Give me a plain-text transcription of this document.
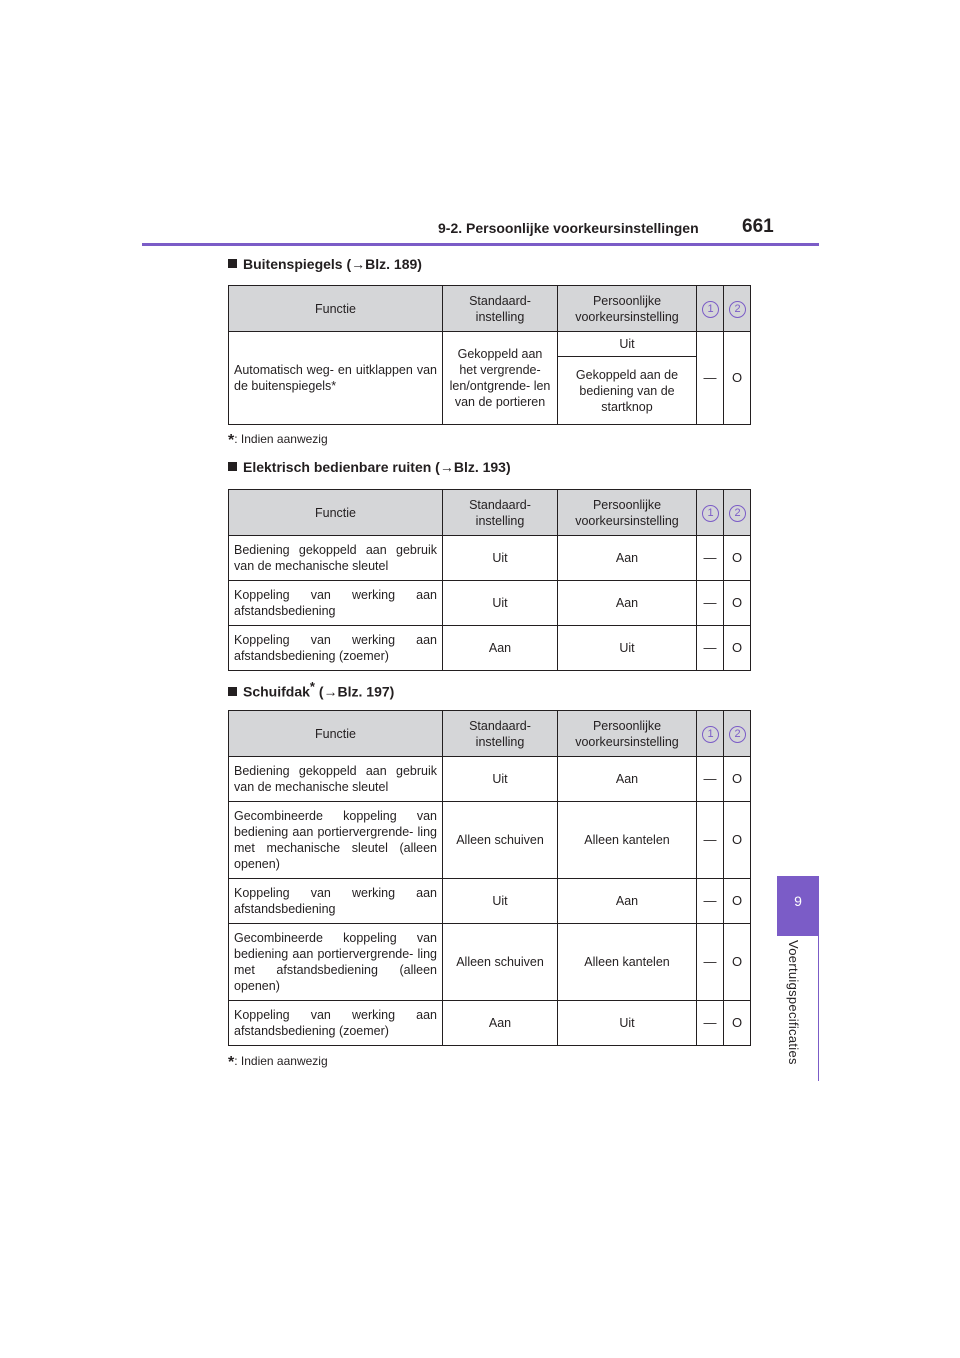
9-2. Persoonlijke voorkeursinstellingen 661
9
Voertuigspecificaties
Buitenspiegels (→Blz. 189)
Functie	Standaard-instelling	Persoonlijke voorkeursinstelling	1	2
Automatisch weg- en uitklappen van de buitenspiegels*	Gekoppeld aan het vergrende- len/ontgrende- len van de portieren	Uit	—	O
		Gekoppeld aan de bediening van de startknop		
*: Indien aanwezig
Elektrisch bedienbare ruiten (→Blz. 193)
Functie	Standaard-instelling	Persoonlijke voorkeursinstelling	1	2
Bediening gekoppeld aan gebruik van de mechanische sleutel	Uit	Aan	—	O
Koppeling van werking aan afstandsbediening	Uit	Aan	—	O
Koppeling van werking aan afstandsbediening (zoemer)	Aan	Uit	—	O
Schuifdak* (→Blz. 197)
Functie	Standaard-instelling	Persoonlijke voorkeursinstelling	1	2
Bediening gekoppeld aan gebruik van de mechanische sleutel	Uit	Aan	—	O
Gecombineerde koppeling van bediening aan portiervergrende- ling met mechanische sleutel (alleen openen)	Alleen schuiven	Alleen kantelen	—	O
Koppeling van werking aan afstandsbediening	Uit	Aan	—	O
Gecombineerde koppeling van bediening aan portiervergrende- ling met afstandsbediening (alleen openen)	Alleen schuiven	Alleen kantelen	—	O
Koppeling van werking aan afstandsbediening (zoemer)	Aan	Uit	—	O
*: Indien aanwezig
